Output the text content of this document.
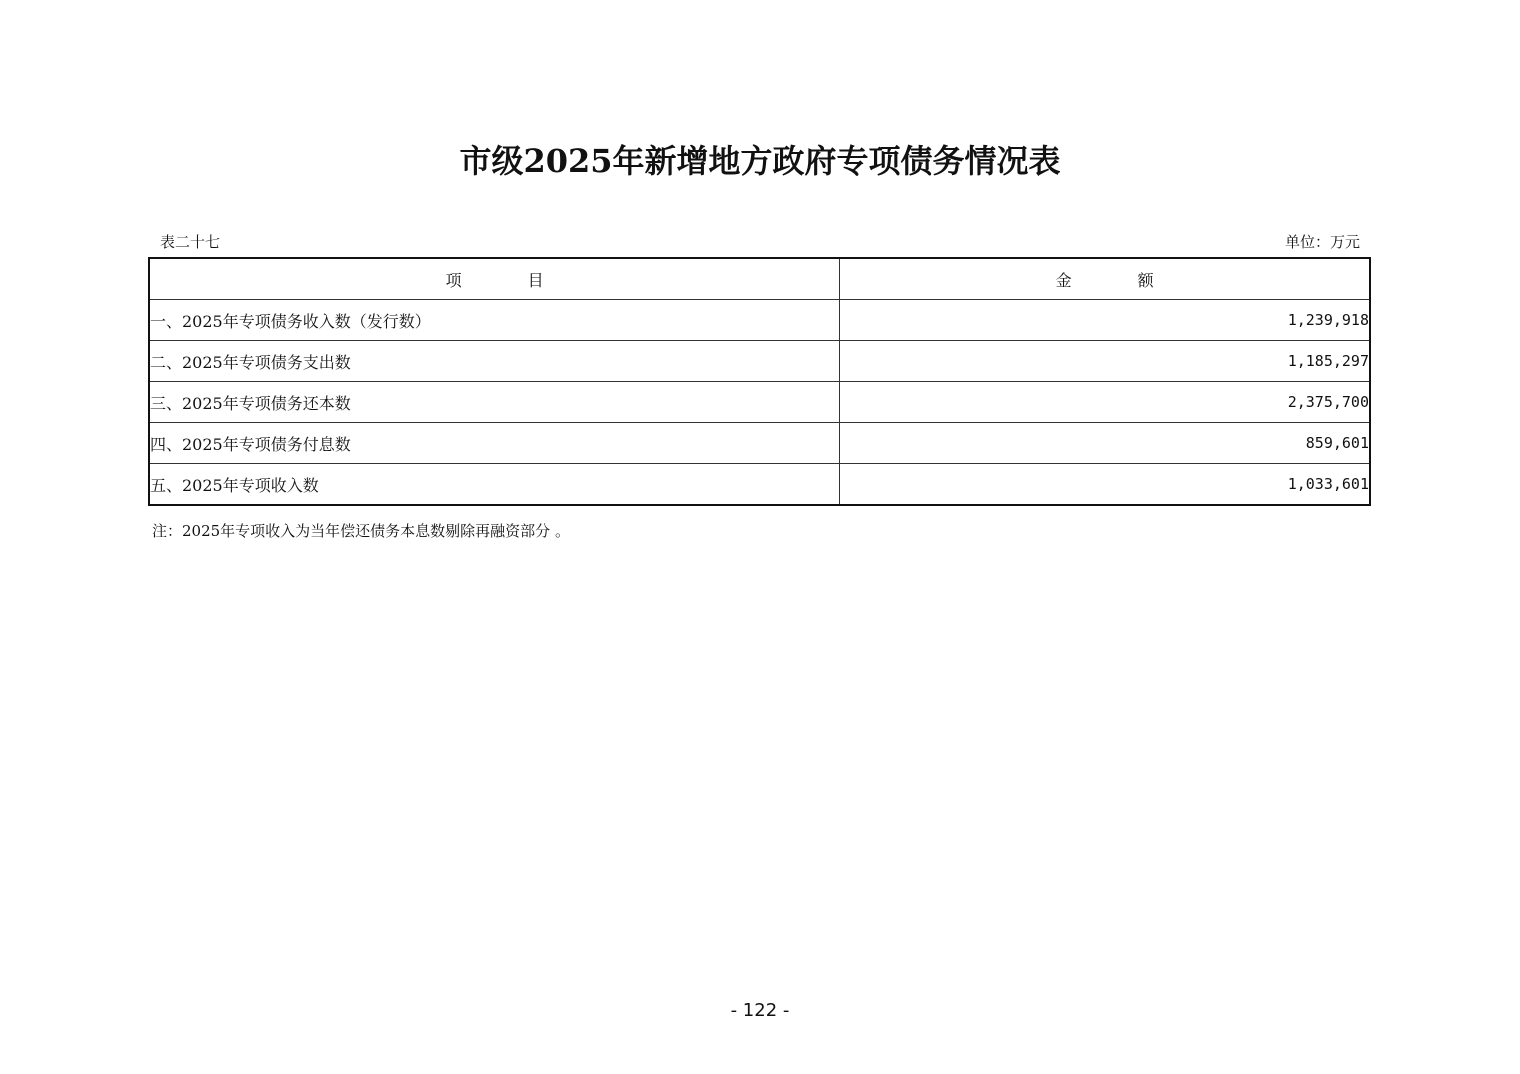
市级2025年新增地方政府专项债务情况表
表二十七	单位：万元
项 目	金 额
一、2025年专项债务收入数（发行数）	1,239,918
二、2025年专项债务支出数	1,185,297
三、2025年专项债务还本数	2,375,700
四、2025年专项债务付息数	859,601
五、2025年专项收入数	1,033,601
注：2025年专项收入为当年偿还债务本息数剔除再融资部分 。
- 122 -
